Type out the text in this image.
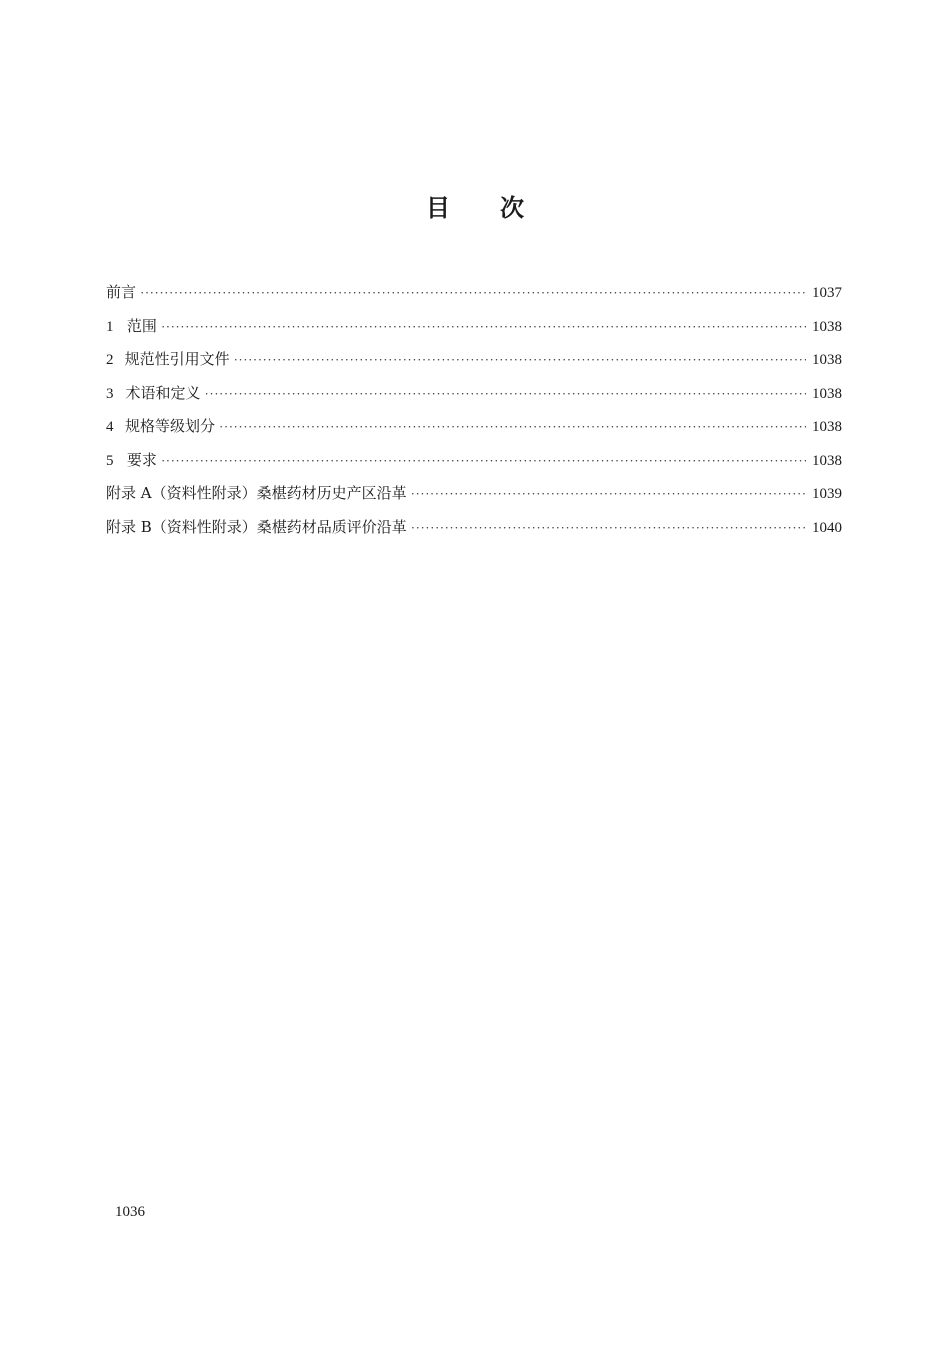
目 次
前言 ·····	1037
1 范围 ·····	1038
2 规范性引用文件 ·····	1038
3 术语和定义 ·····	1038
4 规格等级划分 ·····	1038
5 要求 ·····	1038
附录 A（资料性附录）桑椹药材历史产区沿革 ·····	1039
附录 B（资料性附录）桑椹药材品质评价沿革 ·····	1040
1036
